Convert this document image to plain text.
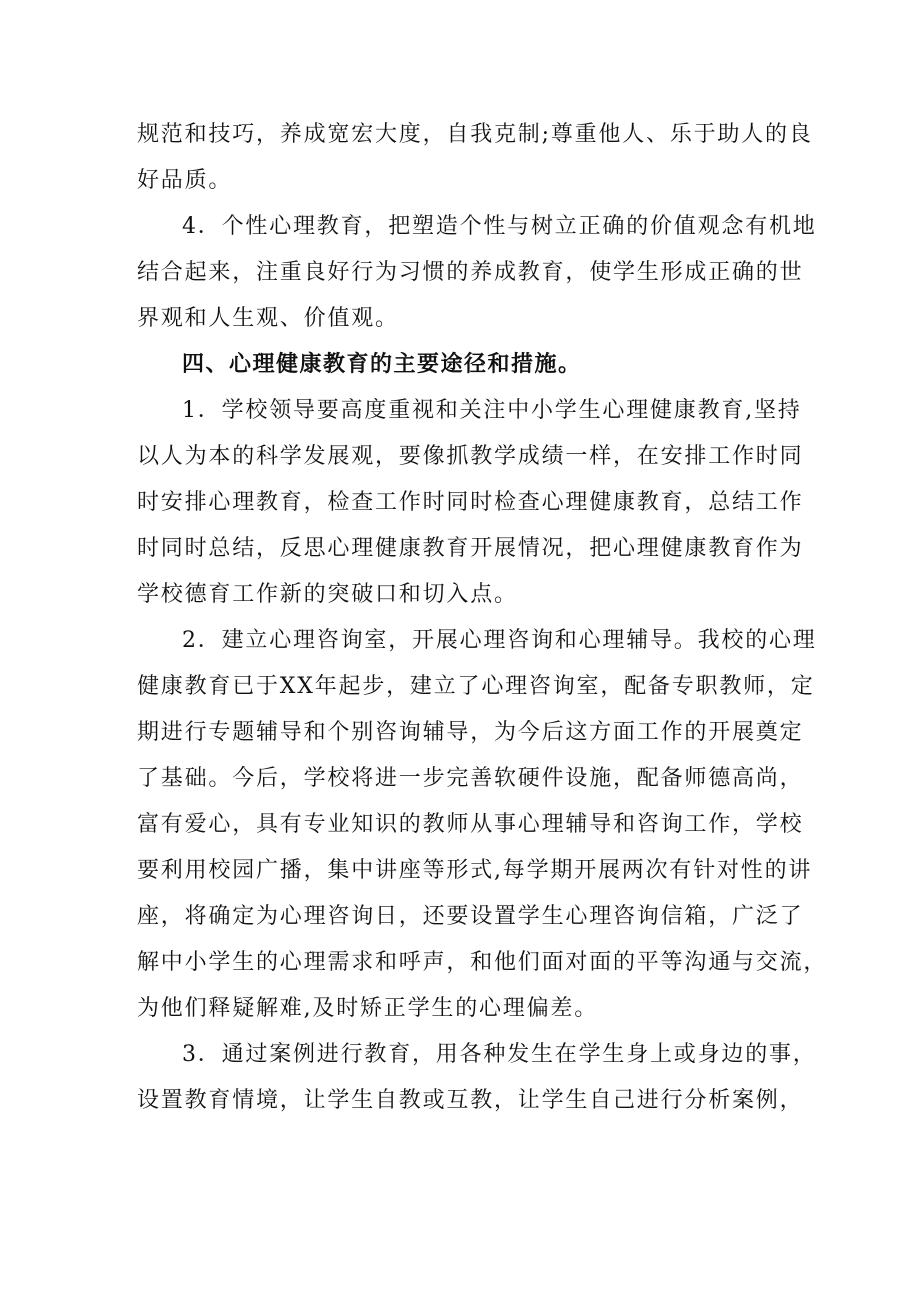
规范和技巧，养成宽宏大度，自我克制;尊重他人、乐于助人的良
好品质。
4．个性心理教育，把塑造个性与树立正确的价值观念有机地
结合起来，注重良好行为习惯的养成教育，使学生形成正确的世
界观和人生观、价值观。
四、心理健康教育的主要途径和措施。
1．学校领导要高度重视和关注中小学生心理健康教育,坚持
以人为本的科学发展观，要像抓教学成绩一样，在安排工作时同
时安排心理教育，检查工作时同时检查心理健康教育，总结工作
时同时总结，反思心理健康教育开展情况，把心理健康教育作为
学校德育工作新的突破口和切入点。
2．建立心理咨询室，开展心理咨询和心理辅导。我校的心理
健康教育已于XX年起步，建立了心理咨询室，配备专职教师，定
期进行专题辅导和个别咨询辅导，为今后这方面工作的开展奠定
了基础。今后，学校将进一步完善软硬件设施，配备师德高尚，
富有爱心，具有专业知识的教师从事心理辅导和咨询工作，学校
要利用校园广播，集中讲座等形式,每学期开展两次有针对性的讲
座，将确定为心理咨询日，还要设置学生心理咨询信箱，广泛了
解中小学生的心理需求和呼声，和他们面对面的平等沟通与交流，
为他们释疑解难,及时矫正学生的心理偏差。
3．通过案例进行教育，用各种发生在学生身上或身边的事，
设置教育情境，让学生自教或互教，让学生自己进行分析案例，
